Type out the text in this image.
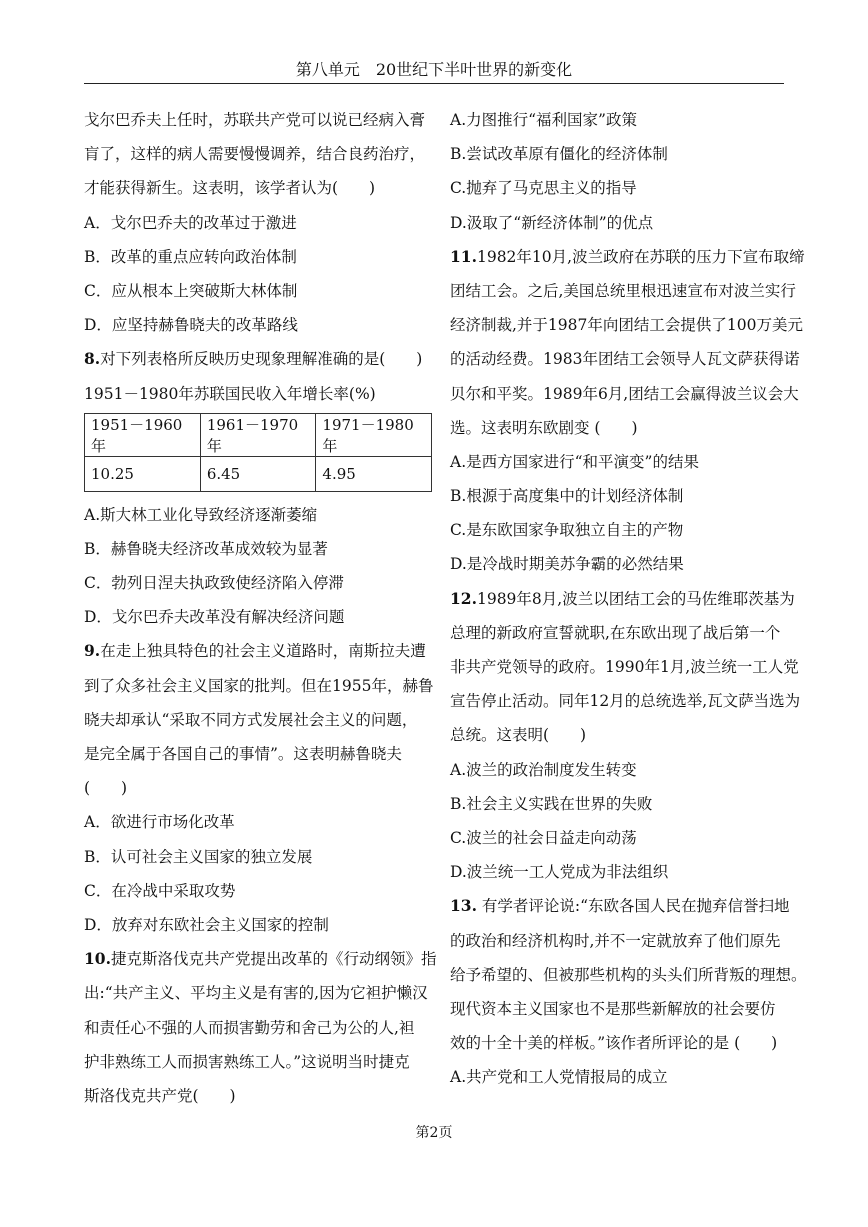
第八单元　20世纪下半叶世界的新变化
戈尔巴乔夫上任时，苏联共产党可以说已经病入膏
肓了，这样的病人需要慢慢调养，结合良药治疗，
才能获得新生。这表明，该学者认为(　　)
A．戈尔巴乔夫的改革过于激进
B．改革的重点应转向政治体制
C．应从根本上突破斯大林体制
D．应坚持赫鲁晓夫的改革路线
8.对下列表格所反映历史现象理解准确的是(　　)
1951－1980年苏联国民收入年增长率(%)
1951－1960年	1961－1970年	1971－1980年
10.25	6.45	4.95
A.斯大林工业化导致经济逐渐萎缩
B．赫鲁晓夫经济改革成效较为显著
C．勃列日涅夫执政致使经济陷入停滞
D．戈尔巴乔夫改革没有解决经济问题
9.在走上独具特色的社会主义道路时，南斯拉夫遭
到了众多社会主义国家的批判。但在1955年，赫鲁
晓夫却承认“采取不同方式发展社会主义的问题，
是完全属于各国自己的事情”。这表明赫鲁晓夫
(　　)
A．欲进行市场化改革
B．认可社会主义国家的独立发展
C．在冷战中采取攻势
D．放弃对东欧社会主义国家的控制
10.捷克斯洛伐克共产党提出改革的《行动纲领》指
出:“共产主义、平均主义是有害的,因为它袒护懒汉
和责任心不强的人而损害勤劳和舍己为公的人,袒
护非熟练工人而损害熟练工人。”这说明当时捷克
斯洛伐克共产党(　　)
A.力图推行“福利国家”政策
B.尝试改革原有僵化的经济体制
C.抛弃了马克思主义的指导
D.汲取了“新经济体制”的优点
11.1982年10月,波兰政府在苏联的压力下宣布取缔
团结工会。之后,美国总统里根迅速宣布对波兰实行
经济制裁,并于1987年向团结工会提供了100万美元
的活动经费。1983年团结工会领导人瓦文萨获得诺
贝尔和平奖。1989年6月,团结工会赢得波兰议会大
选。这表明东欧剧变 (　　)
A.是西方国家进行“和平演变”的结果
B.根源于高度集中的计划经济体制
C.是东欧国家争取独立自主的产物
D.是冷战时期美苏争霸的必然结果
12.1989年8月,波兰以团结工会的马佐维耶茨基为
总理的新政府宣誓就职,在东欧出现了战后第一个
非共产党领导的政府。1990年1月,波兰统一工人党
宣告停止活动。同年12月的总统选举,瓦文萨当选为
总统。这表明(　　)
A.波兰的政治制度发生转变
B.社会主义实践在世界的失败
C.波兰的社会日益走向动荡
D.波兰统一工人党成为非法组织
13. 有学者评论说:“东欧各国人民在抛弃信誉扫地
的政治和经济机构时,并不一定就放弃了他们原先
给予希望的、但被那些机构的头头们所背叛的理想。
现代资本主义国家也不是那些新解放的社会要仿
效的十全十美的样板。”该作者所评论的是 (　　)
A.共产党和工人党情报局的成立
第2页
